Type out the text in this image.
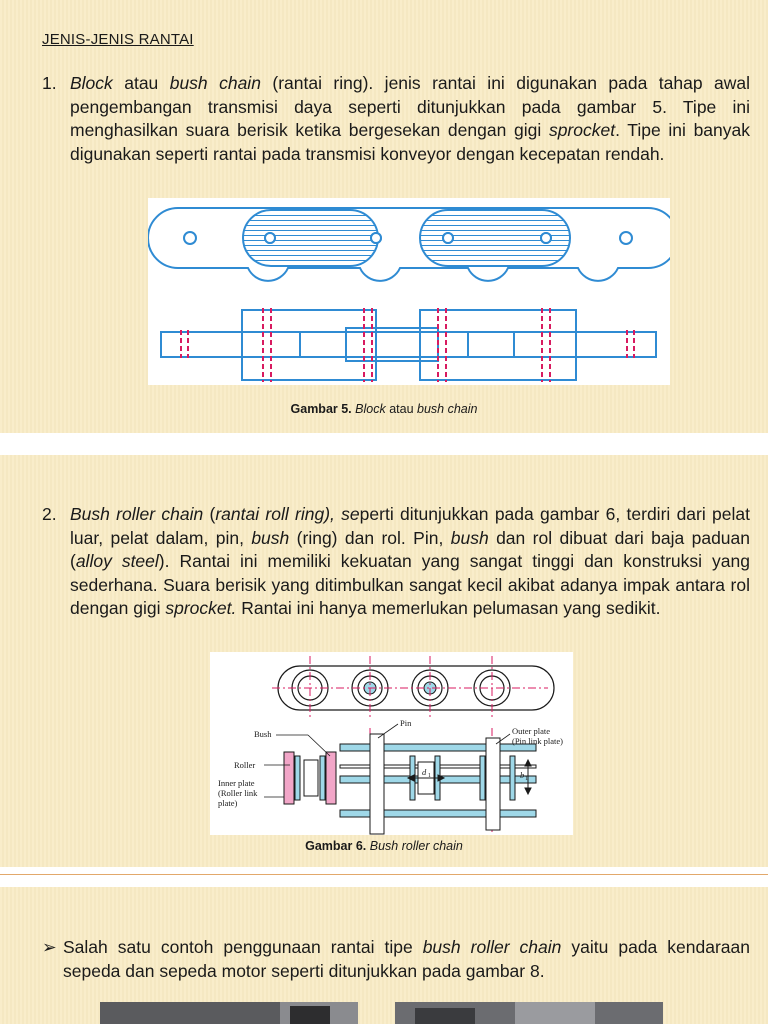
JENIS-JENIS RANTAI
1. Block atau bush chain (rantai ring). jenis rantai ini digunakan pada tahap awal pengembangan transmisi daya seperti ditunjukkan pada gambar 5. Tipe ini menghasilkan suara berisik ketika bergesekan dengan gigi sprocket. Tipe ini banyak digunakan seperti rantai pada transmisi konveyor dengan kecepatan rendah.

Gambar 5. Block atau bush chain
2. Bush roller chain (rantai roll ring), seperti ditunjukkan pada gambar 6, terdiri dari pelat luar, pelat dalam, pin, bush (ring) dan rol. Pin, bush dan rol dibuat dari baja paduan (alloy steel). Rantai ini memiliki kekuatan yang sangat tinggi dan konstruksi yang sederhana. Suara berisik yang ditimbulkan sangat kecil akibat adanya impak antara rol dengan gigi sprocket. Rantai ini hanya memerlukan pelumasan yang sedikit.

Bush
Roller
Inner plate
(Roller link
plate)
Pin
Outer plate
(Pin link plate)
d 1	b 1
Gambar 6. Bush roller chain
➢ Salah satu contoh penggunaan rantai tipe bush roller chain yaitu pada kendaraan sepeda dan sepeda motor seperti ditunjukkan pada gambar 8.
